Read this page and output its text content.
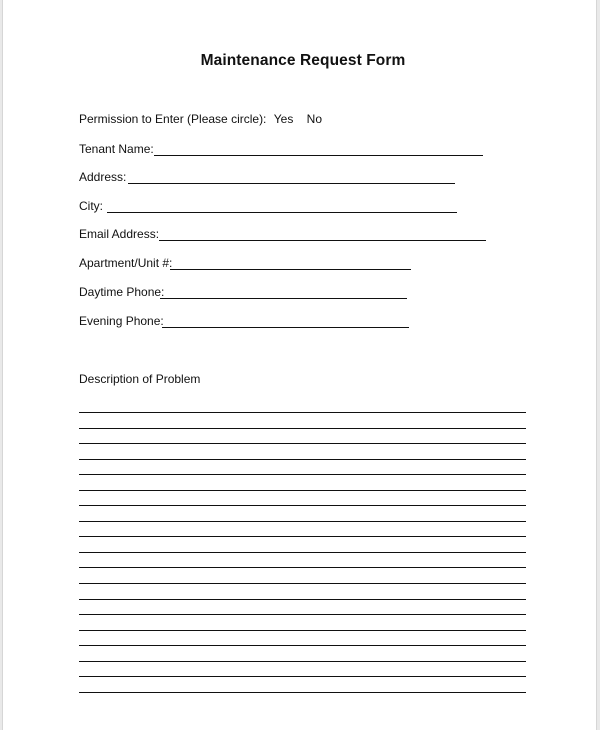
Maintenance Request Form
Permission to Enter (Please circle): Yes No
Tenant Name:
Address:
City:
Email Address:
Apartment/Unit #:
Daytime Phone:
Evening Phone:
Description of Problem
